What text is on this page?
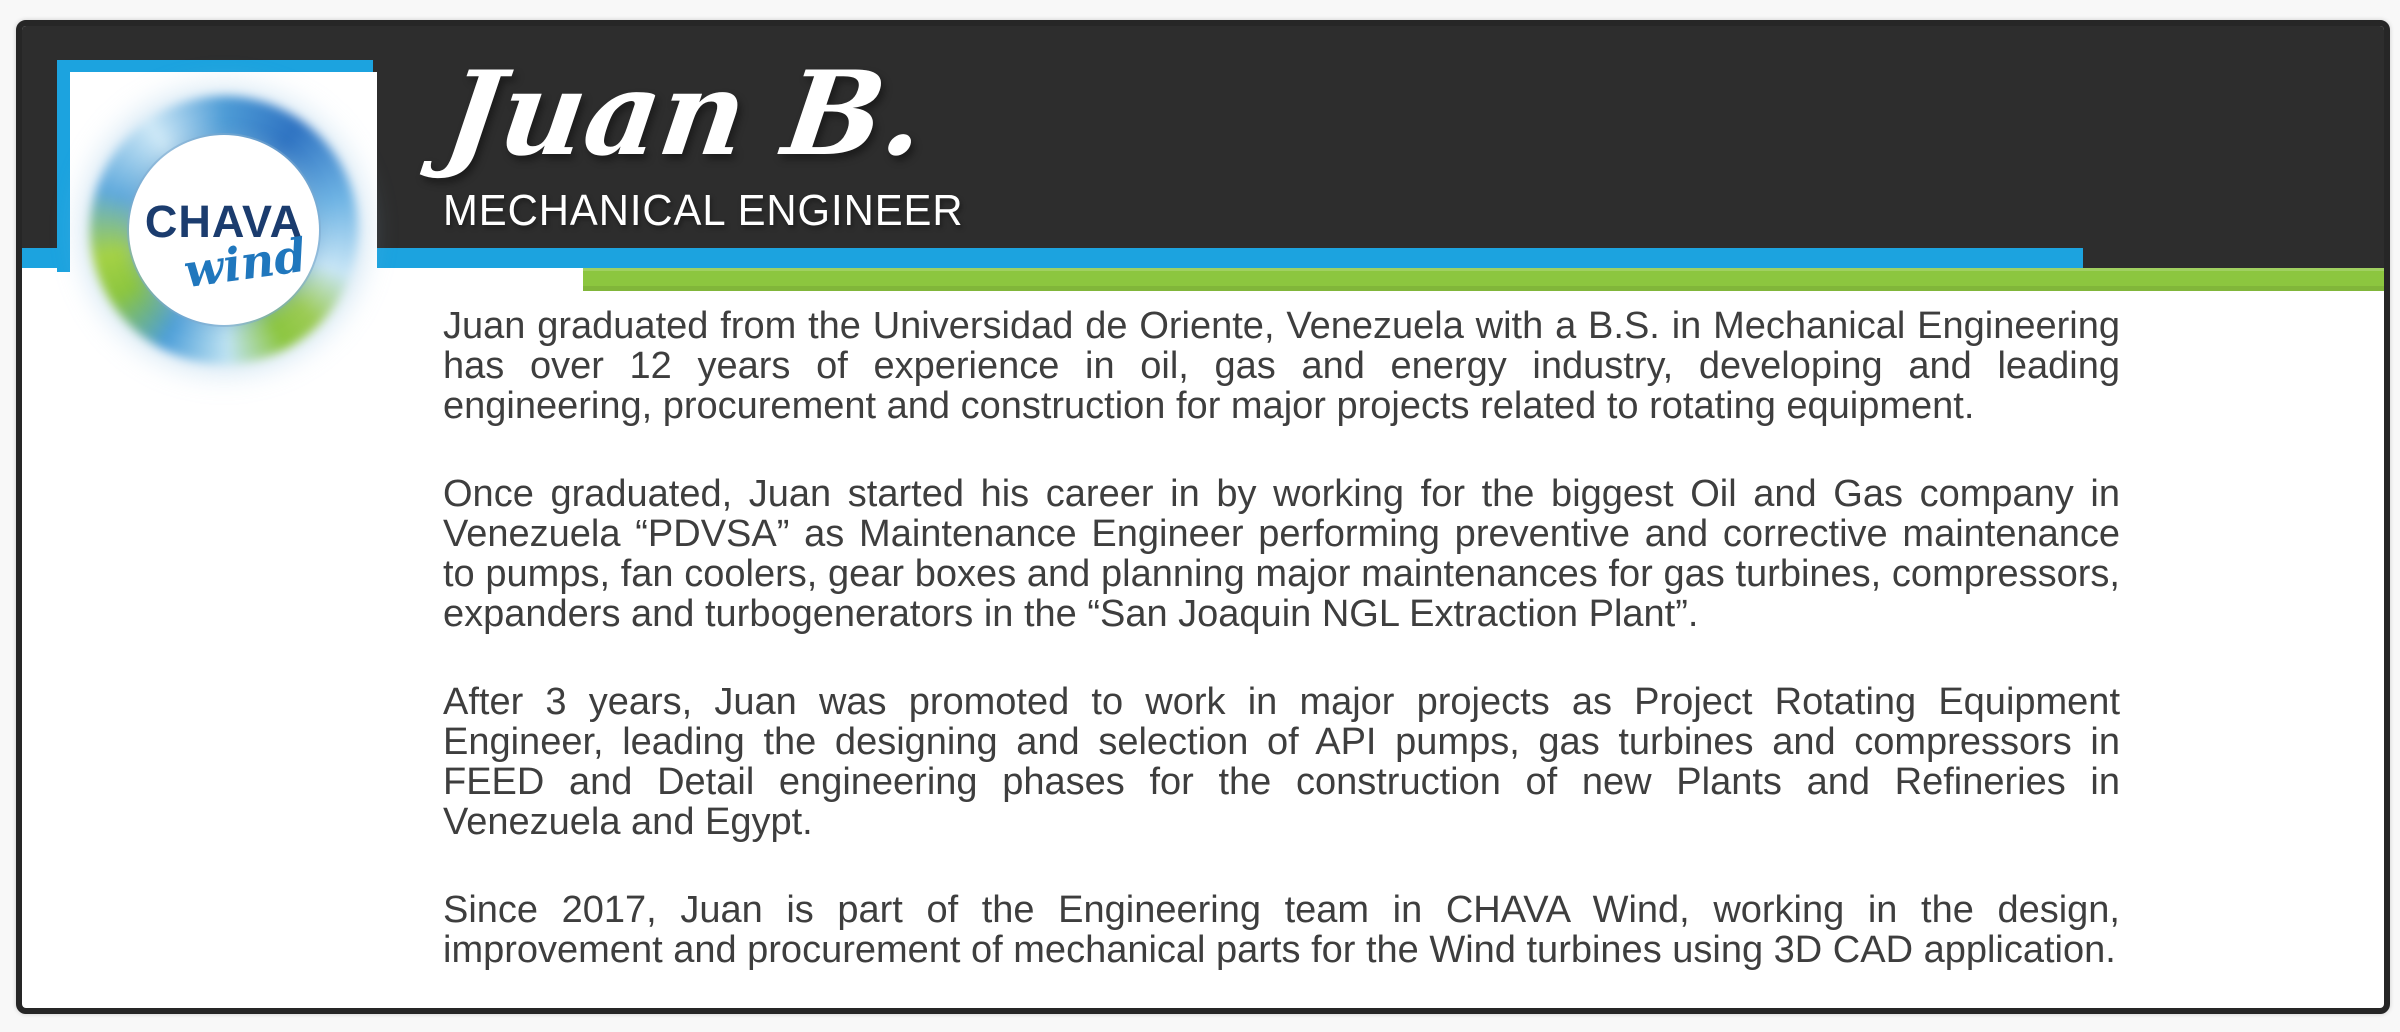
CHAVA
wind
Juan B.
MECHANICAL ENGINEER

Juan graduated from the Universidad de Oriente, Venezuela with a B.S. in Mechanical Engineering has over 12 years of experience in oil, gas and energy industry, developing and leading engineering, procurement and construction for major projects related to rotating equipment.

Once graduated, Juan started his career in by working for the biggest Oil and Gas company in Venezuela “PDVSA” as Maintenance Engineer performing preventive and corrective maintenance to pumps, fan coolers, gear boxes and planning major maintenances for gas turbines, compressors, expanders and turbogenerators in the “San Joaquin NGL Extraction Plant”.

After 3 years, Juan was promoted to work in major projects as Project Rotating Equipment Engineer, leading the designing and selection of API pumps, gas turbines and compressors in FEED and Detail engineering phases for the construction of new Plants and Refineries in Venezuela and Egypt.

Since 2017, Juan is part of the Engineering team in CHAVA Wind, working in the design, improvement and procurement of mechanical parts for the Wind turbines using 3D CAD application.
